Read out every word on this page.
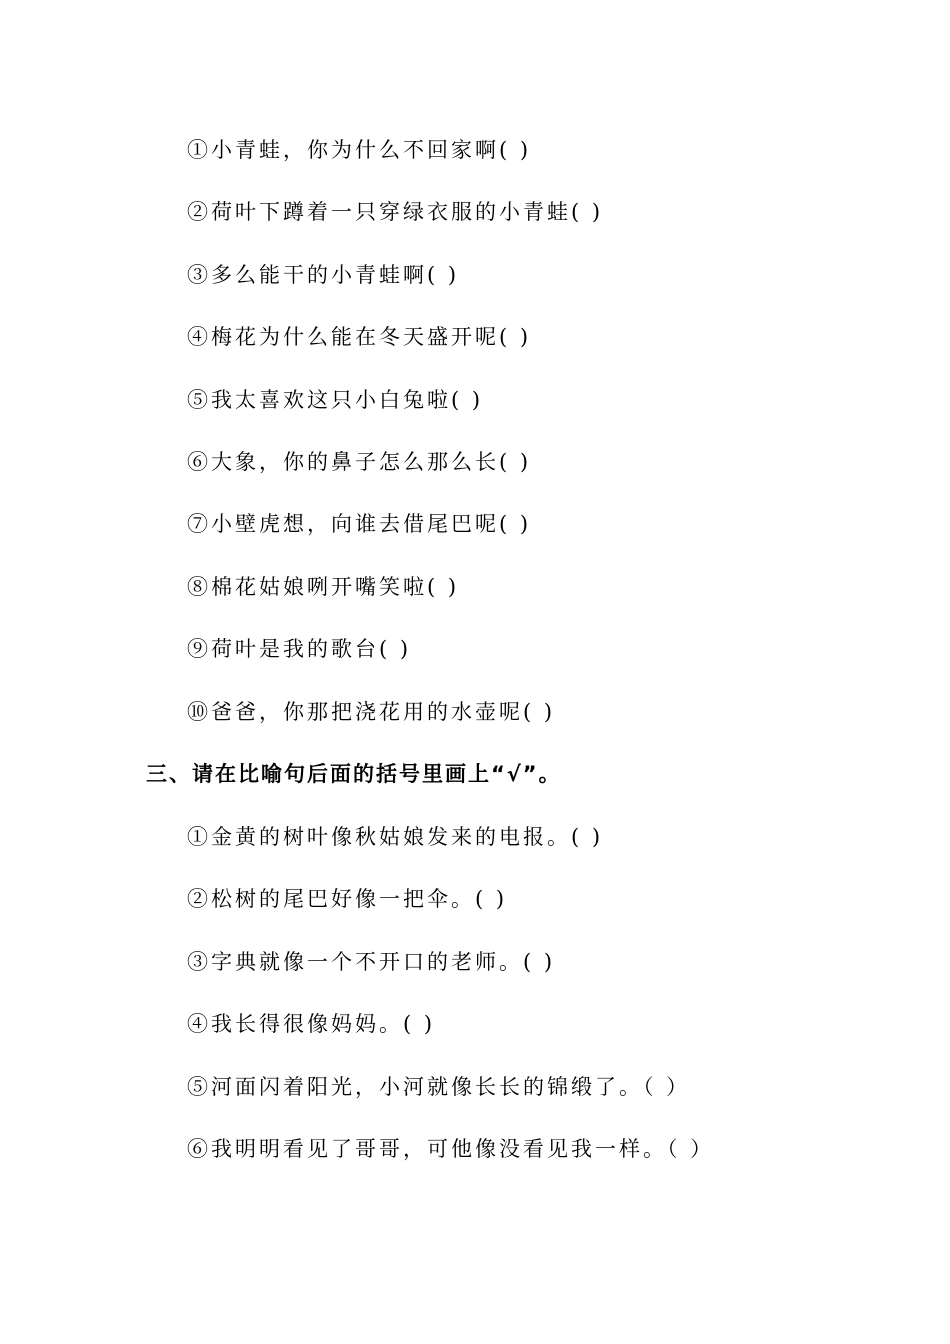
①小青蛙，你为什么不回家啊( )
②荷叶下蹲着一只穿绿衣服的小青蛙( )
③多么能干的小青蛙啊( )
④梅花为什么能在冬天盛开呢( )
⑤我太喜欢这只小白兔啦( )
⑥大象，你的鼻子怎么那么长( )
⑦小壁虎想，向谁去借尾巴呢( )
⑧棉花姑娘咧开嘴笑啦( )
⑨荷叶是我的歌台( )
⑩爸爸，你那把浇花用的水壶呢( )
三、请在比喻句后面的括号里画上“√”。
①金黄的树叶像秋姑娘发来的电报。( )
②松树的尾巴好像一把伞。( )
③字典就像一个不开口的老师。( )
④我长得很像妈妈。( )
⑤河面闪着阳光，小河就像长长的锦缎了。（ ）
⑥我明明看见了哥哥，可他像没看见我一样。（ ）
